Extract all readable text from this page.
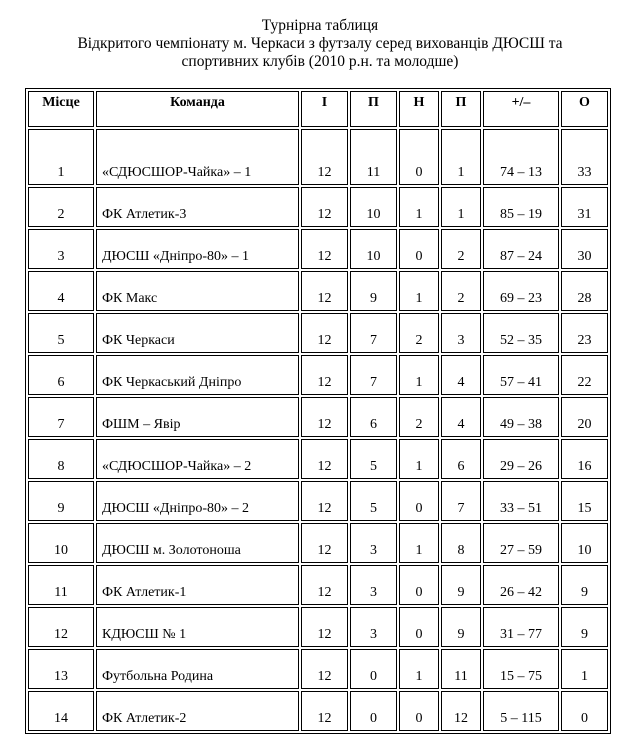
Турнірна таблиця
Відкритого чемпіонату м. Черкаси з футзалу серед вихованців ДЮСШ та
спортивних клубів (2010 р.н. та молодше)
Місце	Команда	І	П	Н	П	+/–	О
1	«СДЮСШОР-Чайка» – 1	12	11	0	1	74 – 13	33
2	ФК Атлетик-3	12	10	1	1	85 – 19	31
3	ДЮСШ «Дніпро-80» – 1	12	10	0	2	87 – 24	30
4	ФК Макс	12	9	1	2	69 – 23	28
5	ФК Черкаси	12	7	2	3	52 – 35	23
6	ФК Черкаський Дніпро	12	7	1	4	57 – 41	22
7	ФШМ – Явір	12	6	2	4	49 – 38	20
8	«СДЮСШОР-Чайка» – 2	12	5	1	6	29 – 26	16
9	ДЮСШ «Дніпро-80» – 2	12	5	0	7	33 – 51	15
10	ДЮСШ м. Золотоноша	12	3	1	8	27 – 59	10
11	ФК Атлетик-1	12	3	0	9	26 – 42	9
12	КДЮСШ № 1	12	3	0	9	31 – 77	9
13	Футбольна Родина	12	0	1	11	15 – 75	1
14	ФК Атлетик-2	12	0	0	12	5 – 115	0
